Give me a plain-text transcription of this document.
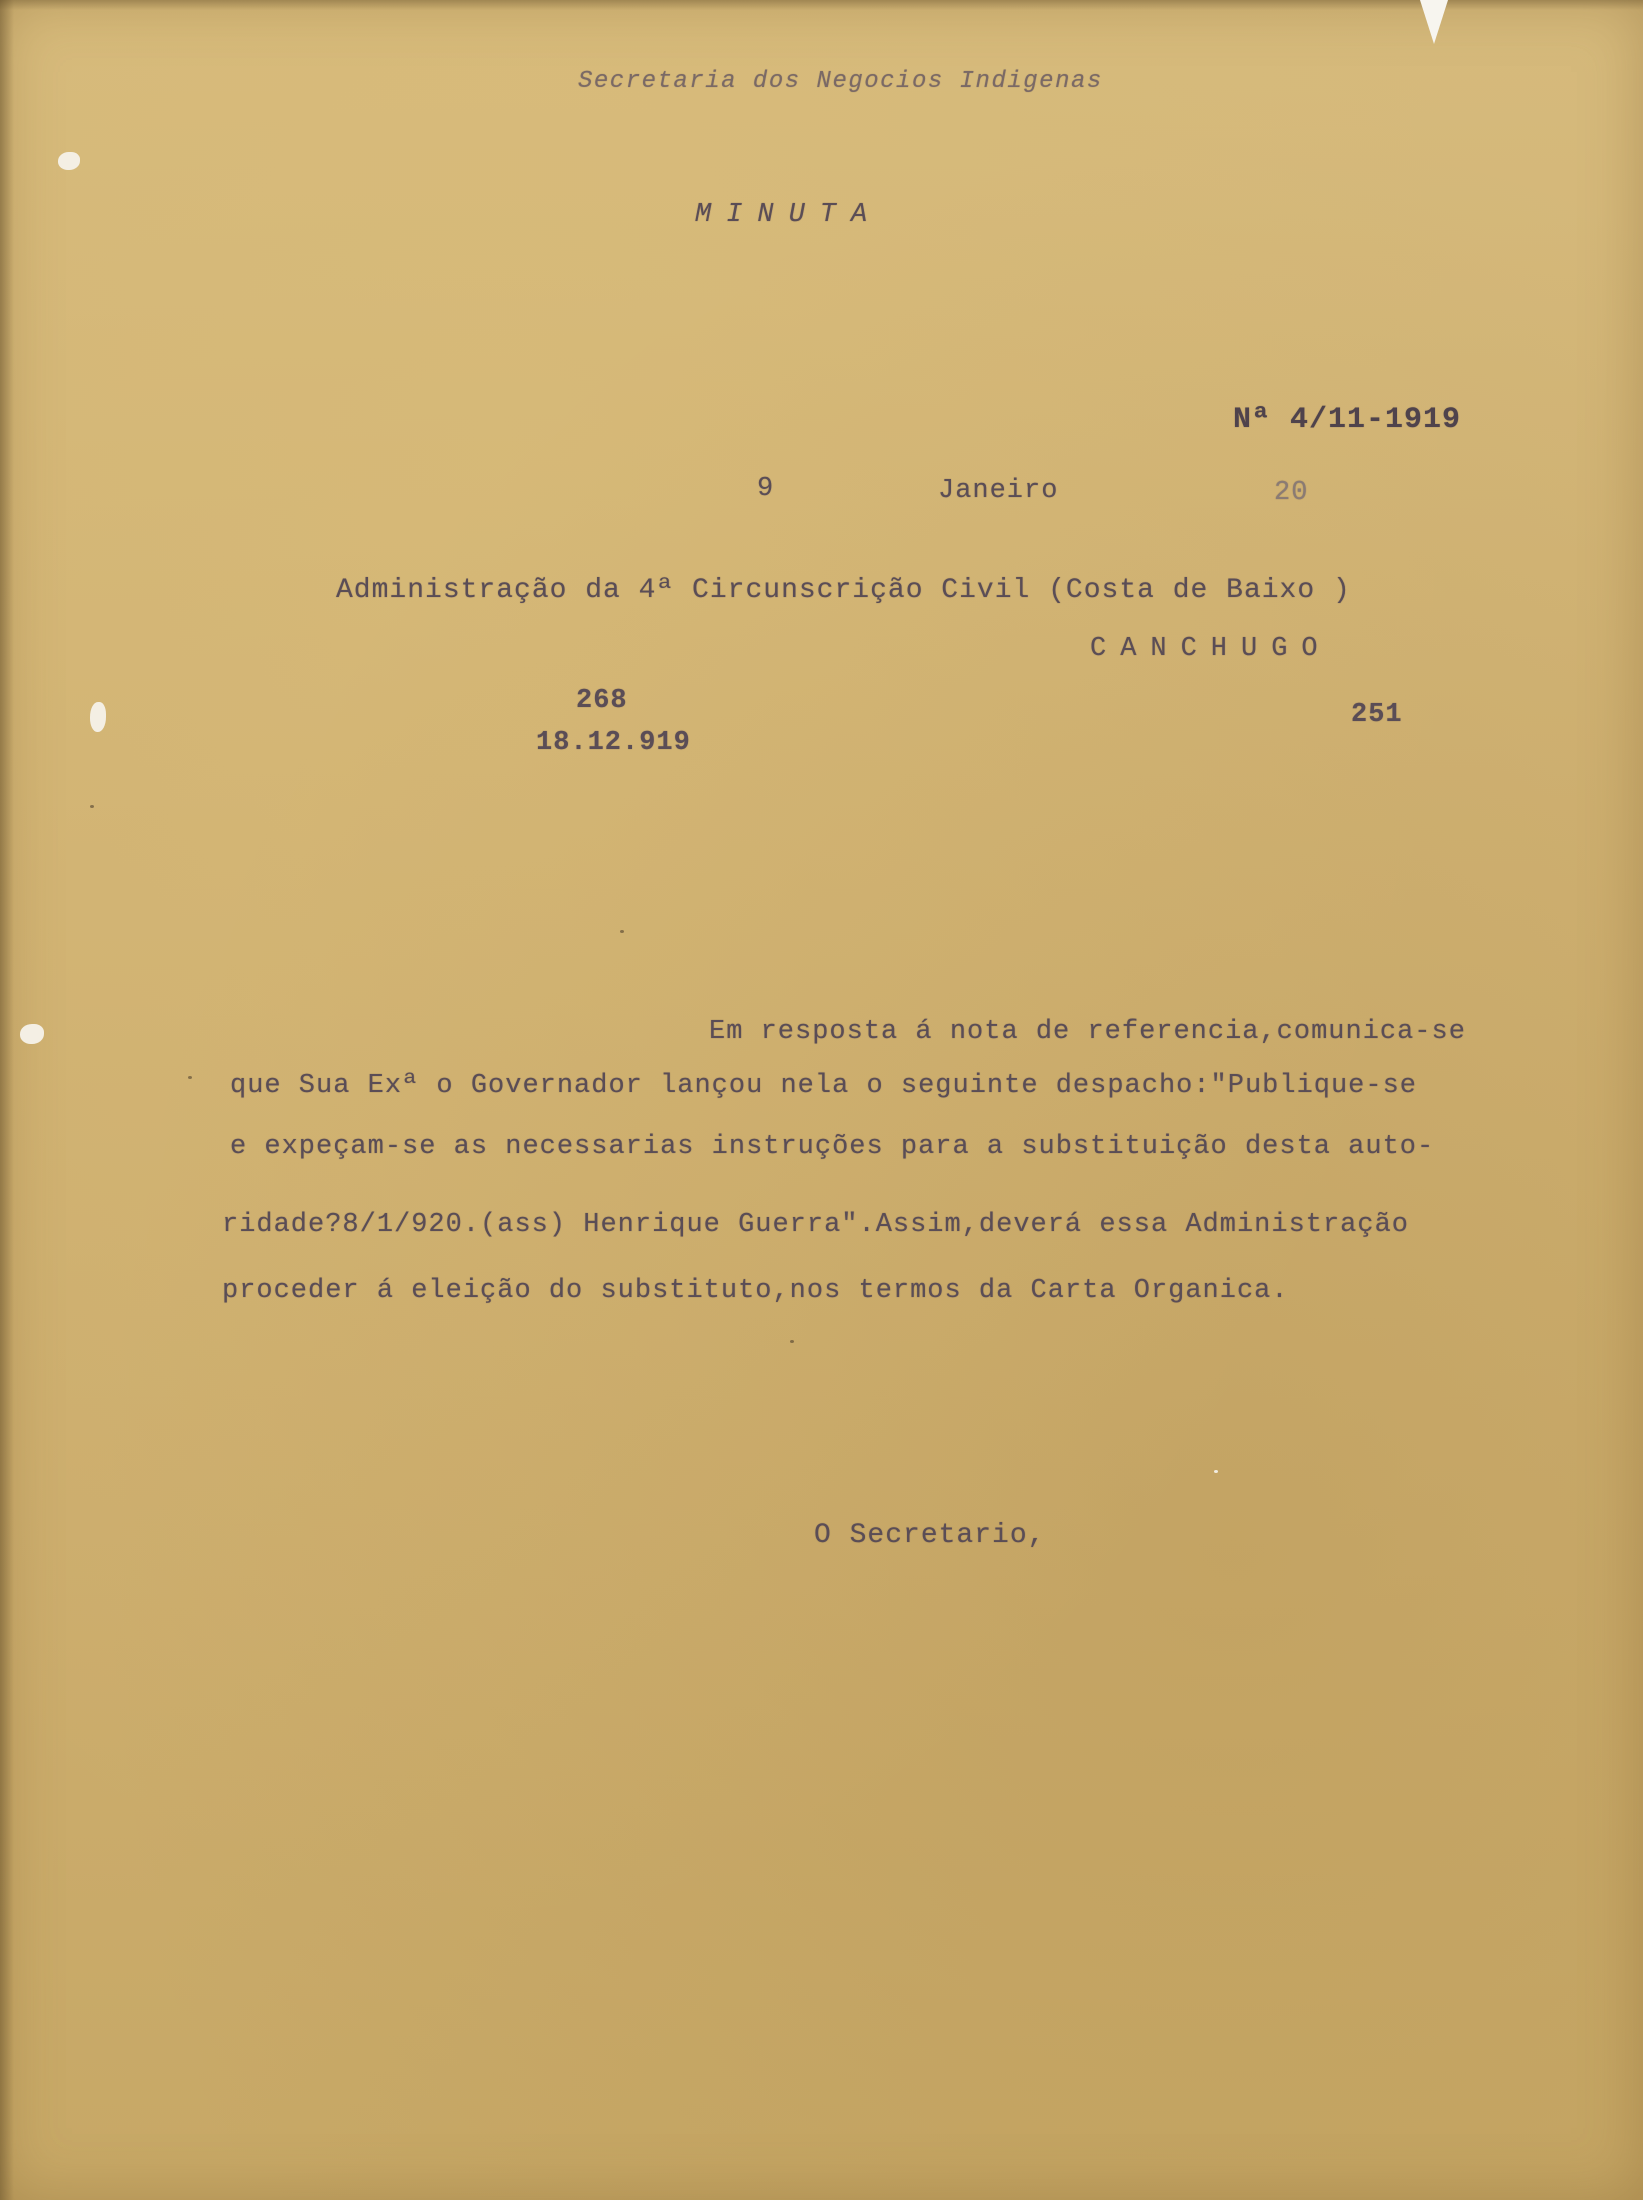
Secretaria dos Negocios Indigenas
MINUTA
Nª 4/11-1919
9	Janeiro	20
Administração da 4ª Circunscrição Civil (Costa de Baixo )
CANCHUGO
268
18.12.919
251
Em resposta á nota de referencia,comunica-se
que Sua Exª o Governador lançou nela o seguinte despacho:"Publique-se
e expeçam-se as necessarias instruções para a substituição desta auto-
ridade?8/1/920.(ass) Henrique Guerra".Assim,deverá essa Administração
proceder á eleição do substituto,nos termos da Carta Organica.
O Secretario,
